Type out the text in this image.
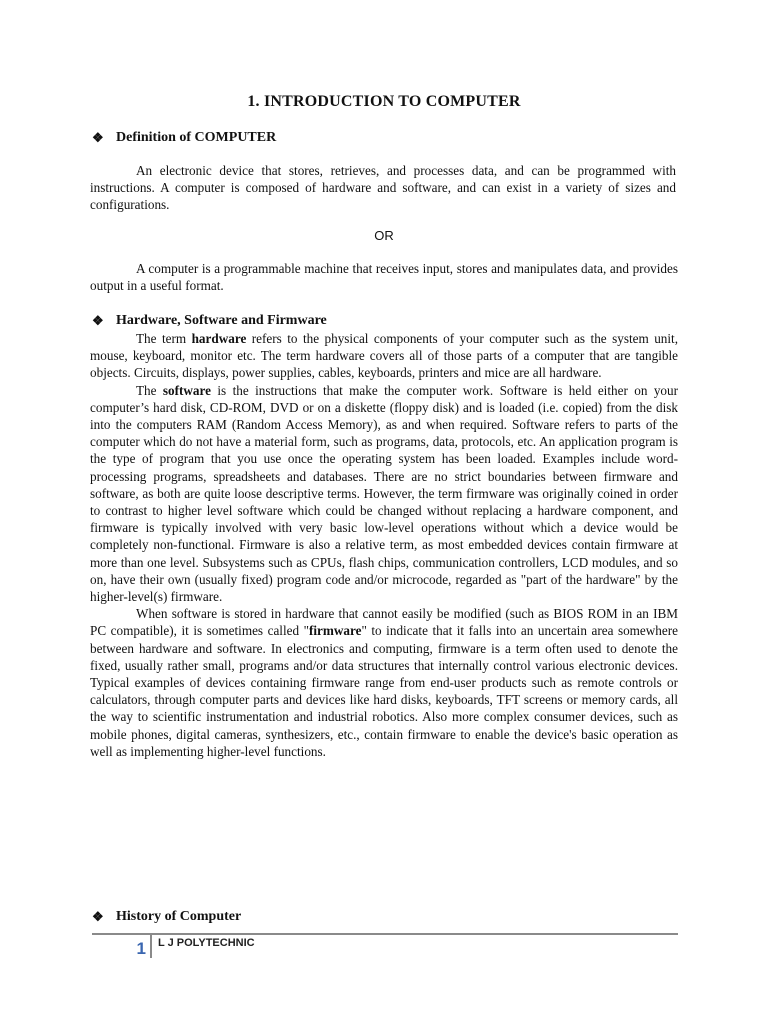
1. INTRODUCTION TO COMPUTER
❖ Definition of COMPUTER
An electronic device that stores, retrieves, and processes data, and can be programmed with instructions. A computer is composed of hardware and software, and can exist in a variety of sizes and configurations.
OR
A computer is a programmable machine that receives input, stores and manipulates data, and provides output in a useful format.
❖ Hardware, Software and Firmware
The term hardware refers to the physical components of your computer such as the system unit, mouse, keyboard, monitor etc. The term hardware covers all of those parts of a computer that are tangible objects. Circuits, displays, power supplies, cables, keyboards, printers and mice are all hardware.
The software is the instructions that make the computer work. Software is held either on your computer’s hard disk, CD-ROM, DVD or on a diskette (floppy disk) and is loaded (i.e. copied) from the disk into the computers RAM (Random Access Memory), as and when required. Software refers to parts of the computer which do not have a material form, such as programs, data, protocols, etc. An application program is the type of program that you use once the operating system has been loaded. Examples include word-processing programs, spreadsheets and databases. There are no strict boundaries between firmware and software, as both are quite loose descriptive terms. However, the term firmware was originally coined in order to contrast to higher level software which could be changed without replacing a hardware component, and firmware is typically involved with very basic low-level operations without which a device would be completely non-functional. Firmware is also a relative term, as most embedded devices contain firmware at more than one level. Subsystems such as CPUs, flash chips, communication controllers, LCD modules, and so on, have their own (usually fixed) program code and/or microcode, regarded as "part of the hardware" by the higher-level(s) firmware.
When software is stored in hardware that cannot easily be modified (such as BIOS ROM in an IBM PC compatible), it is sometimes called "firmware" to indicate that it falls into an uncertain area somewhere between hardware and software. In electronics and computing, firmware is a term often used to denote the fixed, usually rather small, programs and/or data structures that internally control various electronic devices. Typical examples of devices containing firmware range from end-user products such as remote controls or calculators, through computer parts and devices like hard disks, keyboards, TFT screens or memory cards, all the way to scientific instrumentation and industrial robotics. Also more complex consumer devices, such as mobile phones, digital cameras, synthesizers, etc., contain firmware to enable the device's basic operation as well as implementing higher-level functions.
❖ History of Computer
1 L J POLYTECHNIC
